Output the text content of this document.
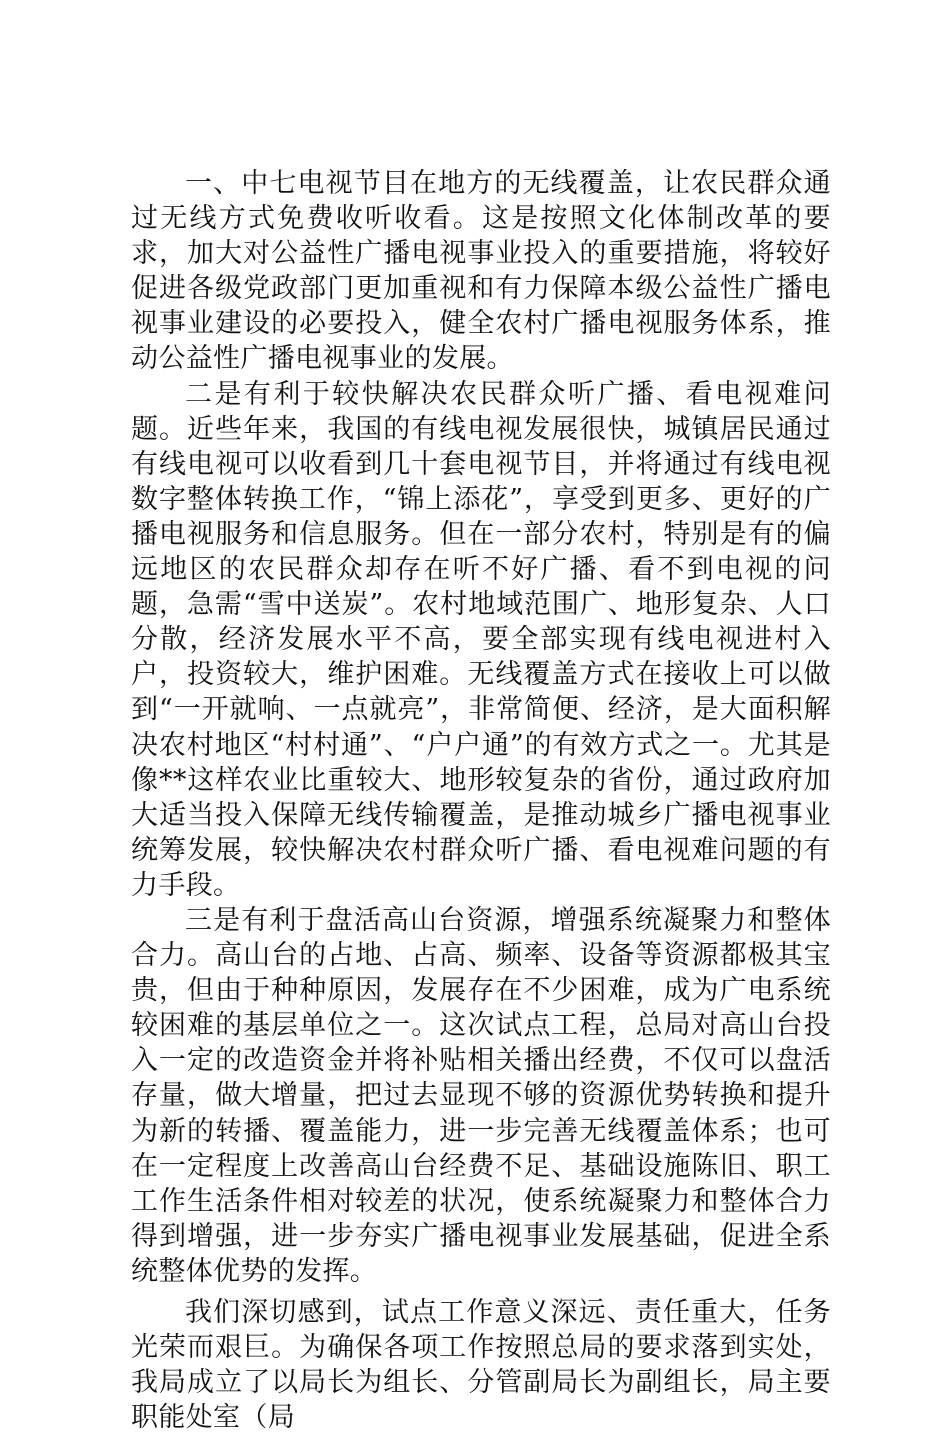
一、中七电视节目在地方的无线覆盖，让农民群众通过无线方式免费收听收看。这是按照文化体制改革的要求，加大对公益性广播电视事业投入的重要措施，将较好促进各级党政部门更加重视和有力保障本级公益性广播电视事业建设的必要投入，健全农村广播电视服务体系，推动公益性广播电视事业的发展。

二是有利于较快解决农民群众听广播、看电视难问题。近些年来，我国的有线电视发展很快，城镇居民通过有线电视可以收看到几十套电视节目，并将通过有线电视数字整体转换工作，“锦上添花”，享受到更多、更好的广播电视服务和信息服务。但在一部分农村，特别是有的偏远地区的农民群众却存在听不好广播、看不到电视的问题，急需“雪中送炭”。农村地域范围广、地形复杂、人口分散，经济发展水平不高，要全部实现有线电视进村入户，投资较大，维护困难。无线覆盖方式在接收上可以做到“一开就响、一点就亮”，非常简便、经济，是大面积解决农村地区“村村通”、“户户通”的有效方式之一。尤其是像**这样农业比重较大、地形较复杂的省份，通过政府加大适当投入保障无线传输覆盖，是推动城乡广播电视事业统筹发展，较快解决农村群众听广播、看电视难问题的有力手段。

三是有利于盘活高山台资源，增强系统凝聚力和整体合力。高山台的占地、占高、频率、设备等资源都极其宝贵，但由于种种原因，发展存在不少困难，成为广电系统较困难的基层单位之一。这次试点工程，总局对高山台投入一定的改造资金并将补贴相关播出经费，不仅可以盘活存量，做大增量，把过去显现不够的资源优势转换和提升为新的转播、覆盖能力，进一步完善无线覆盖体系；也可在一定程度上改善高山台经费不足、基础设施陈旧、职工工作生活条件相对较差的状况，使系统凝聚力和整体合力得到增强，进一步夯实广播电视事业发展基础，促进全系统整体优势的发挥。

我们深切感到，试点工作意义深远、责任重大，任务光荣而艰巨。为确保各项工作按照总局的要求落到实处，我局成立了以局长为组长、分管副局长为副组长，局主要职能处室（局
